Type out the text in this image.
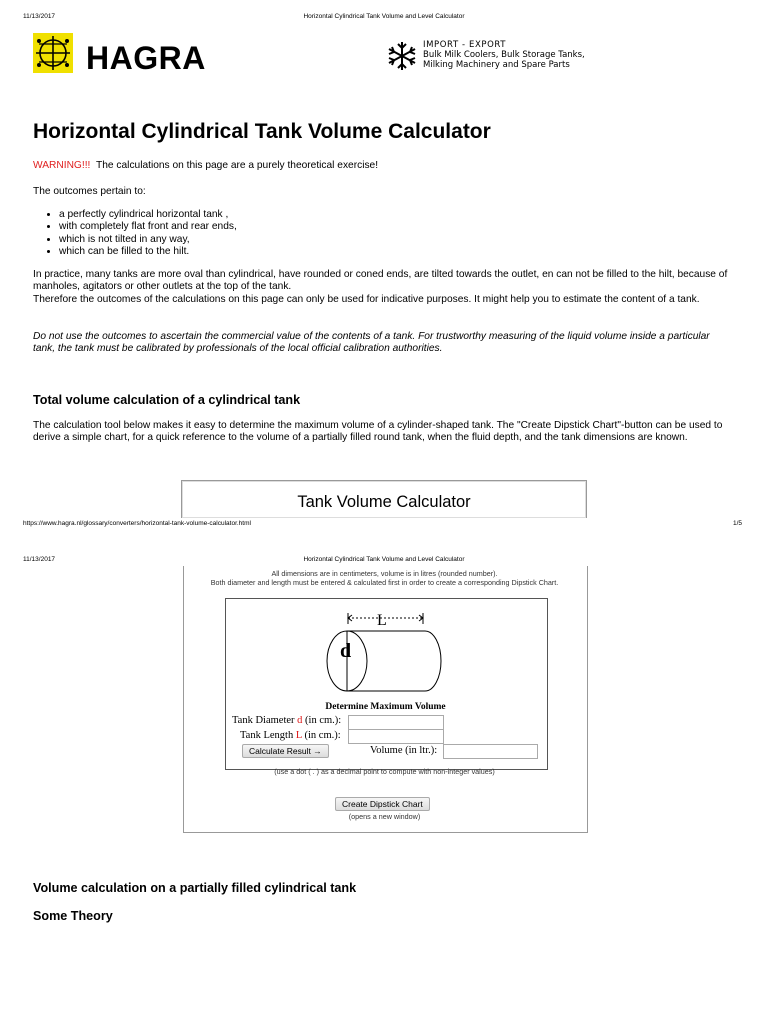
11/13/2017	Horizontal Cylindrical Tank Volume and Level Calculator
HAGRA	IMPORT - EXPORT
Bulk Milk Coolers, Bulk Storage Tanks,
Milking Machinery and Spare Parts
Horizontal Cylindrical Tank Volume Calculator
WARNING!!! The calculations on this page are a purely theoretical exercise!
The outcomes pertain to:
• a perfectly cylindrical horizontal tank ,
• with completely flat front and rear ends,
• which is not tilted in any way,
• which can be filled to the hilt.
In practice, many tanks are more oval than cylindrical, have rounded or coned ends, are tilted towards the outlet, en can not be filled to the hilt, because of manholes, agitators or other outlets at the top of the tank.
Therefore the outcomes of the calculations on this page can only be used for indicative purposes. It might help you to estimate the content of a tank.
Do not use the outcomes to ascertain the commercial value of the contents of a tank. For trustworthy measuring of the liquid volume inside a particular tank, the tank must be calibrated by professionals of the local official calibration authorities.
Total volume calculation of a cylindrical tank
The calculation tool below makes it easy to determine the maximum volume of a cylinder-shaped tank. The "Create Dipstick Chart"-button can be used to derive a simple chart, for a quick reference to the volume of a partially filled round tank, when the fluid depth, and the tank dimensions are known.
Tank Volume Calculator
https://www.hagra.nl/glossary/converters/horizontal-tank-volume-calculator.html	1/5
11/13/2017	Horizontal Cylindrical Tank Volume and Level Calculator
All dimensions are in centimeters, volume is in litres (rounded number).
Both diameter and length must be entered & calculated first in order to create a corresponding Dipstick Chart.
L
d
Determine Maximum Volume
Tank Diameter d (in cm.):
Tank Length L (in cm.):
Calculate Result →	Volume (in ltr.):
(use a dot ( . ) as a decimal point to compute with non-integer values)
Create Dipstick Chart
(opens a new window)
Volume calculation on a partially filled cylindrical tank
Some Theory
